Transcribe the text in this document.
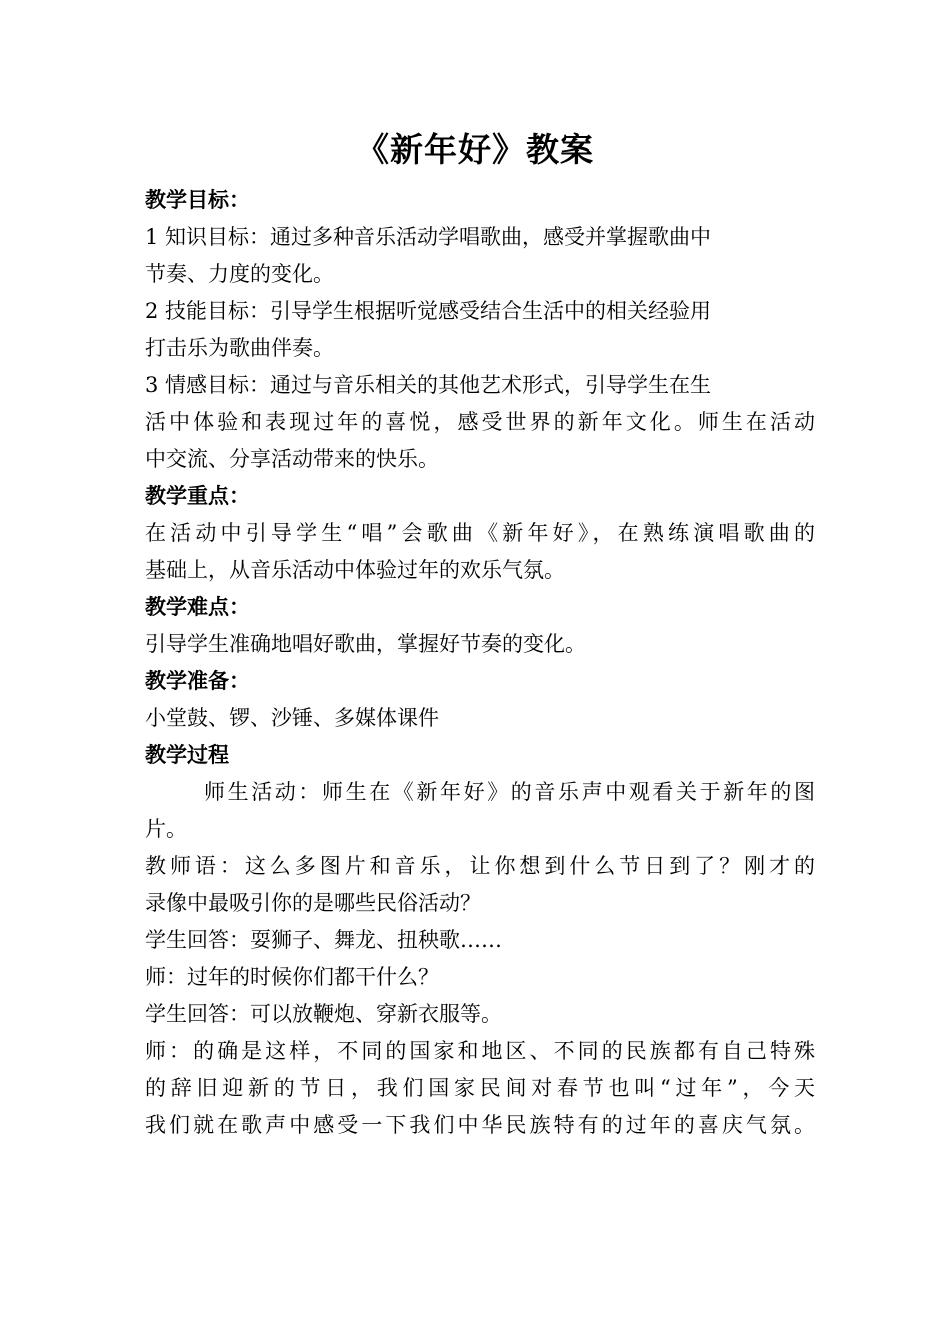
《新年好》教案
教学目标：
1 知识目标：通过多种音乐活动学唱歌曲，感受并掌握歌曲中
节奏、力度的变化。
2 技能目标：引导学生根据听觉感受结合生活中的相关经验用
打击乐为歌曲伴奏。
3 情感目标：通过与音乐相关的其他艺术形式，引导学生在生
活中体验和表现过年的喜悦，感受世界的新年文化。师生在活动
中交流、分享活动带来的快乐。
教学重点：
在活动中引导学生“唱”会歌曲《新年好》，在熟练演唱歌曲的
基础上，从音乐活动中体验过年的欢乐气氛。
教学难点：
引导学生准确地唱好歌曲，掌握好节奏的变化。
教学准备：
小堂鼓、锣、沙锤、多媒体课件
教学过程
师生活动：师生在《新年好》的音乐声中观看关于新年的图
片。
教师语：这么多图片和音乐，让你想到什么节日到了？刚才的
录像中最吸引你的是哪些民俗活动？
学生回答：耍狮子、舞龙、扭秧歌……
师：过年的时候你们都干什么？
学生回答：可以放鞭炮、穿新衣服等。
师：的确是这样，不同的国家和地区、不同的民族都有自己特殊
的辞旧迎新的节日，我们国家民间对春节也叫“过年”，今天
我们就在歌声中感受一下我们中华民族特有的过年的喜庆气氛。
